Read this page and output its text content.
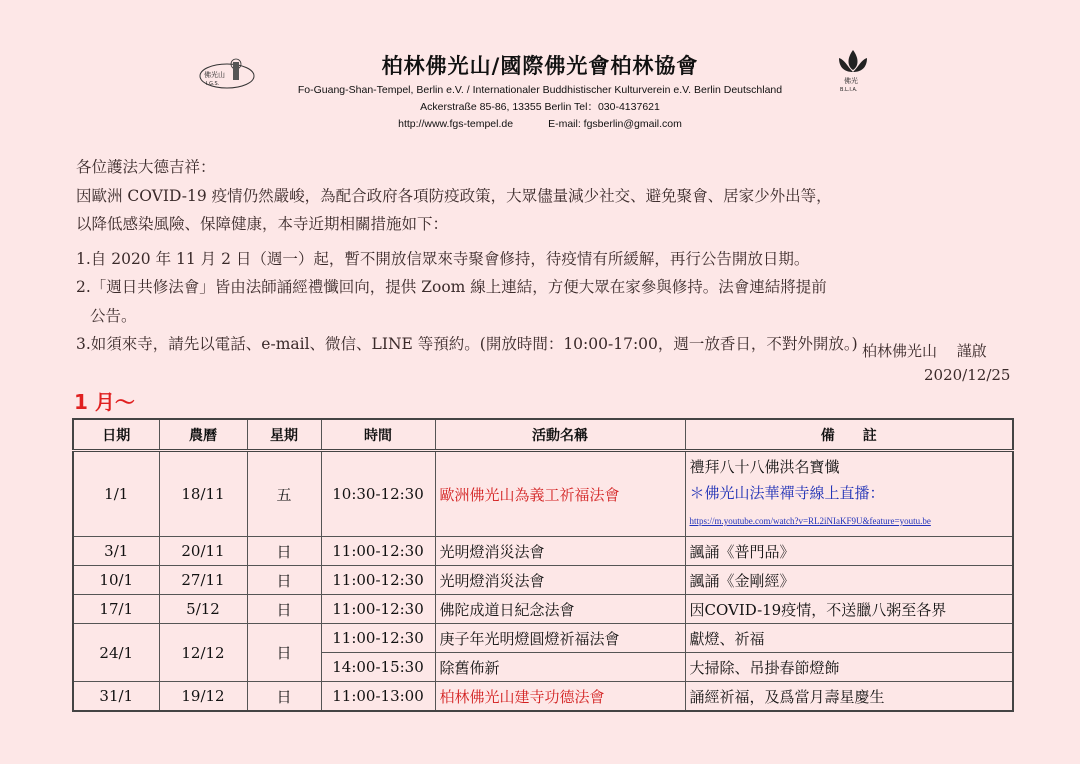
佛光山
I.G.S.	佛光
B.L.I.A.
柏林佛光山/國際佛光會柏林協會
Fo-Guang-Shan-Tempel, Berlin e.V. / Internationaler Buddhistischer Kulturverein e.V. Berlin Deutschland
Ackerstraße 85-86, 13355 Berlin Tel：030-4137621
http://www.fgs-tempel.de            E-mail: fgsberlin@gmail.com

各位護法大德吉祥：

因歐洲 COVID-19 疫情仍然嚴峻，為配合政府各項防疫政策，大眾儘量減少社交、避免聚會、居家少外出等，

以降低感染風險、保障健康，本寺近期相關措施如下：

1.自 2020 年 11 月 2 日（週一）起，暫不開放信眾來寺聚會修持，待疫情有所緩解，再行公告開放日期。

2.「週日共修法會」皆由法師誦經禮懺回向，提供 Zoom 線上連結，方便大眾在家參與修持。法會連結將提前

公告。

3.如須來寺，請先以電話、e-mail、微信、LINE 等預約。(開放時間：10:00-17:00，週一放香日，不對外開放。) 柏林佛光山　 謹啟
2020/12/25
1 月～
日期	農曆	星期	時間	活動名稱	備　　註
1/1	18/11	五	10:30-12:30	歐洲佛光山為義工祈福法會	禮拜八十八佛洪名寶懺
＊佛光山法華禪寺線上直播：
https://m.youtube.com/watch?v=RL2iNIaKF9U&feature=youtu.be

3/1	20/11	日	11:00-12:30	光明燈消災法會	諷誦《普門品》
10/1	27/11	日	11:00-12:30	光明燈消災法會	諷誦《金剛經》
17/1	5/12	日	11:00-12:30	佛陀成道日紀念法會	因COVID-19疫情，不送臘八粥至各界
24/1	12/12	日	11:00-12:30	庚子年光明燈圓燈祈福法會	獻燈、祈福
			14:00-15:30	除舊佈新	大掃除、吊掛春節燈飾
31/1	19/12	日	11:00-13:00	柏林佛光山建寺功德法會	誦經祈福，及爲當月壽星慶生
